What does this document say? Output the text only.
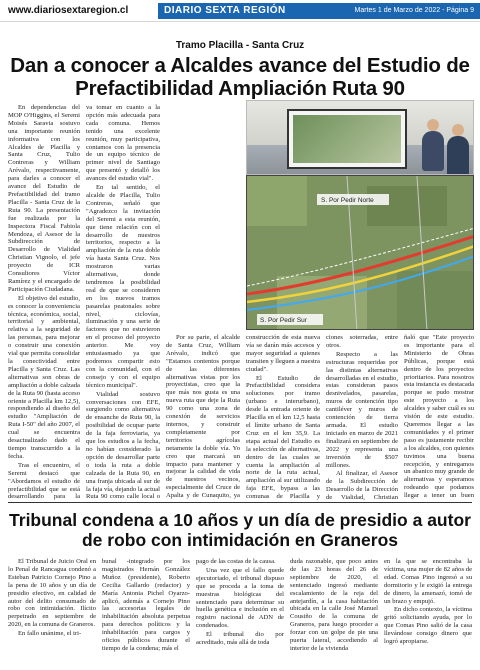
www.diariosextaregion.cl	DIARIO SEXTA REGIÓN	Martes 1 de Marzo de 2022 - Página 9
Tramo Placilla - Santa Cruz
Dan a conocer a Alcaldes avance del Estudio de Prefactibilidad Ampliación Ruta 90

En dependencias del MOP O'Higgins, el Seremi Moisés Saravia sostuvo una importante reunión informativa con los Alcaldes de Placilla y Santa Cruz, Tulio Contreras y William Arévalo, respectivamente, para darles a conocer el avance del Estudio de Prefactibilidad del tramo Placilla - Santa Cruz de la Ruta 90. La presentación fue realizada por la Inspectora Fiscal Fabiola Mendoza, el Asesor de la Subdirección de Desarrollo de Vialidad Christian Vignolo, el jefe proyecto de ICR Consultores Víctor Ramírez y el encargado de Participación Ciudadana.

El objetivo del estudio, es conocer la conveniencia técnica, económica, social, territorial y ambiental, relativa a la seguridad de las personas, para mejorar o construir una conexión vial que permita consolidar la conectividad entre Placilla y Santa Cruz. Las alternativas son obras de ampliación a doble calzada de la Ruta 90 (hasta acceso oriente a Placilla km 12,5), respondiendo al diseño del estudio "Ampliación de Ruta I-50" del año 2007, el cual se encuentra desactualizado dado el tiempo transcurrido a la fecha.

Tras el encuentro, el Seremi destacó que "Abordamos el estudio de prefactibilidad que se está desarrollando para la

va tomar en cuanto a la opción más adecuada para cada comuna. Hemos tenido una excelente reunión, muy participativa, contamos con la presencia de un equipo técnico de primer nivel de Santiago que presentó y detalló los avances del estudio vial".

En tal sentido, el alcalde de Placilla, Tulio Contreras, señaló que "Agradezco la invitación del Seremi a esta reunión, que tiene relación con el desarrollo de nuestros territorios, respecto a la ampliación de la ruta doble vía hasta Santa Cruz. Nos mostraron varias alternativas, donde tendremos la posibilidad real de que se consideren en los nuevos tramos pasarelas peatonales sobre nivel, ciclovías, iluminación y una serie de factores que no estuvieron en el proceso del proyecto anterior. Me voy entusiasmado ya que podremos compartir esto con la comunidad, con el consejo y con el equipo técnico municipal".

Vialidad sostuvo conversaciones con EFE, surgiendo como alternativa de ensanche de Ruta 90, la posibilidad de ocupar parte de la faja ferroviaria, ya que los estudios a la fecha, no habían considerado la opción de desarrollar parte o toda la ruta a doble calzada de la Ruta 90, en una franja ubicada al sur de la faja vía, dejando la actual Ruta 90 como calle local o

S. Por Pedir Norte
S. Por Pedir Sur

Por su parte, el alcalde de Santa Cruz, William Arévalo, indicó que "Estamos contentos porque de las diferentes alternativas vistas por los proyectistas, creo que la que más nos gusta es una nueva ruta que deje la Ruta 90 como una zona de conexión de servicios internos, y construir completamente por territorios agrícolas netamente la doble vía. Yo creo que marcará un impacto para mantener y mejorar la calidad de vida de nuestros vecinos, especialmente del Cruce de Apalta y de Cunaquito, ya

construcción de esta nueva vía se darán más accesos y mayor seguridad a quienes transiten y lleguen a nuestra ciudad".

El Estudio de Prefactibilidad considera soluciones por tramo (urbano e interurbano), desde la entrada oriente de Placilla en el km 12,5 hasta el límite urbano de Santa Cruz en el km 35,9. La etapa actual del Estudio es la selección de alternativas, dentro de las cuales se cuenta la ampliación al norte de la ruta actual, ampliación al sur utilizando faja EFE, bypass a las comunas de Placilla y

ciones soterradas, entre otros.

Respecto a las estructuras requeridas por las distintas alternativas desarrolladas en el estudio, estas consideran pasos desnivelados, pasarelas, muros de contención tipo cantiléver y muros de contención de tierra armada. El estudio iniciado en marzo de 2021 finalizará en septiembre de 2022 y representa una inversión de $507 millones.

Al finalizar, el Asesor de la Subdirección de Desarrollo de la Dirección de Vialidad, Christian

ñaló que "Este proyecto es importante para el Ministerio de Obras Públicas, porque está dentro de los proyectos prioritarios. Para nosotros esta instancia es destacada porque se pudo mostrar este proyecto a los alcaldes y saber cuál es su visión de este estudio. Queremos llegar a las comunidades y el primer paso es justamente recibir a los alcaldes, con quienes tuvimos una buena recepción, y entregamos un abanico muy grande de alternativas y esperamos rodeando que podamos llegar a tener un buen

Tribunal condena a 10 años y un día de presidio a autor de robo con intimidación en Graneros

El Tribunal de Juicio Oral en lo Penal de Rancagua condenó a Esteban Patricio Cornejo Pino a la pena de 10 años y un día de presidio efectivo, en calidad de autor del delito consumado de robo con intimidación. Ilícito perpetrado en septiembre de 2020, en la comuna de Graneros.

En fallo unánime, el tri-

bunal -integrado por los magistrados Hernán González Muñoz (presidente), Roberto Cecilia Gallardo (redactor) y María Antonia Pichel Oyarzo- aplicó, además a Cornejo Pino las accesorias legales de inhabilitación absoluta perpetua para derechos políticos y la inhabilitación para cargos y oficios públicos durante el tiempo de la condena; más el

pago de las costas de la causa.

Una vez que el fallo quede ejecutoriado, el tribunal dispuso que se proceda a la toma de muestras biológicas del sentenciado para determinar su huella genética e inclusión en el registro nacional de ADN de condenados.

El tribunal dio por acreditado, más allá de toda

duda razonable, que poco antes de las 23 horas del 26 de septiembre de 2020, el sentenciado ingresó mediante escalamiento de la reja del antejardín, a la casa habitación ubicada en la calle José Manuel Cousiño de la comuna de Graneros, para luego proceder a forzar con un golpe de pie una puerta lateral, accediendo al interior de la vivienda

en la que se encontraba la víctima, una mujer de 82 años de edad. Comas Pino ingresó a su dormitorio y le exigió la entrega de dinero, la amenazó, tomó de un brazo y empujó.

En dicho contexto, la víctima gritó solicitando ayuda, por lo que Comas Pino salió de la casa llevándose consigo dinero que logró apropiarse.
